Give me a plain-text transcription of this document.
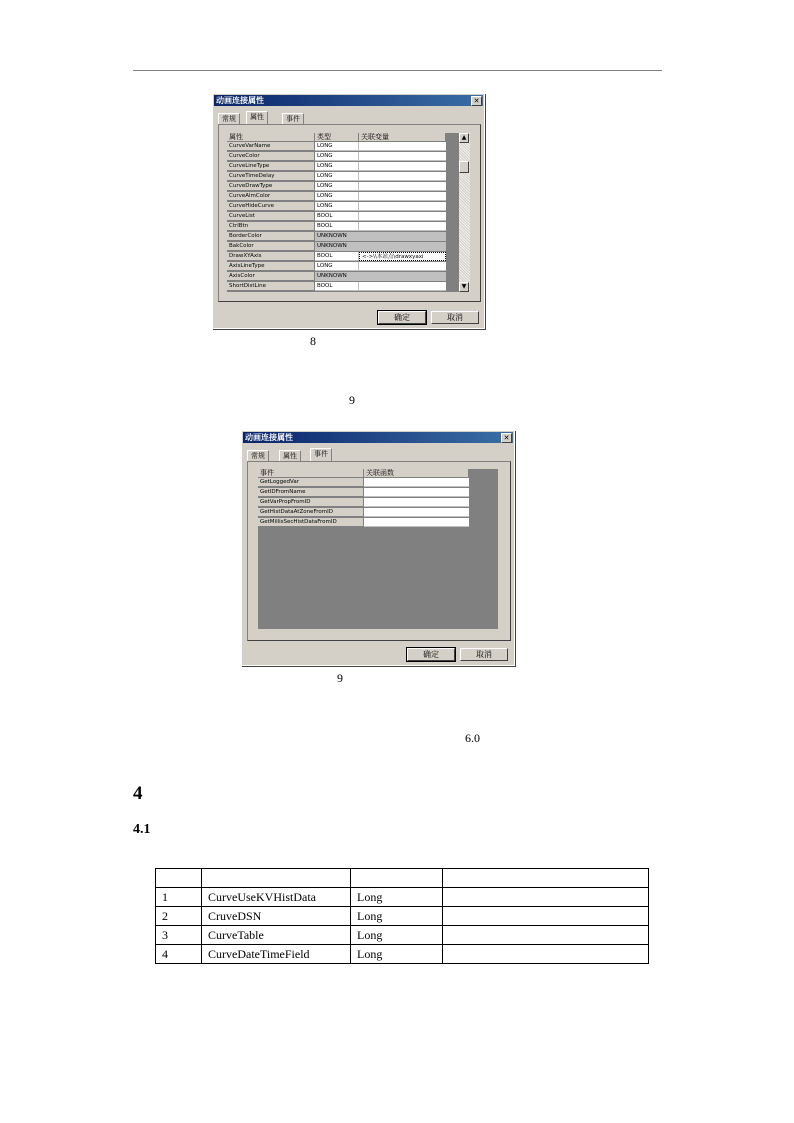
动画连接属性	✕
常规	属性	事件
属性	类型	关联变量
CurveVarName	LONG
CurveColor	LONG
CurveLineType	LONG
CurveTimeDelay	LONG
CurveDrawType	LONG
CurveAlmColor	LONG
CurveHideCurve	LONG
CurveList	BOOL
CtrlBtn	BOOL
BorderColor	UNKNOWN
BakColor	UNKNOWN
DrawXYAxis	BOOL	<->\\本站点\drawxyaxi
AxisLineType	LONG
AxisColor	UNKNOWN
ShortDistLine	BOOL
▲
▼
确定	取消
8
9
动画连接属性	✕
常规	属性	事件
事件	关联函数
GetLoggedVar
GetIDFromName
GetVarPropFromID
GetHistDataAtZoneFromID
GetMillisSecHistDataFromID
确定	取消
9
6.0
4
4.1

1	CurveUseKVHistData	Long	
2	CruveDSN	Long	
3	CurveTable	Long	
4	CurveDateTimeField	Long	
